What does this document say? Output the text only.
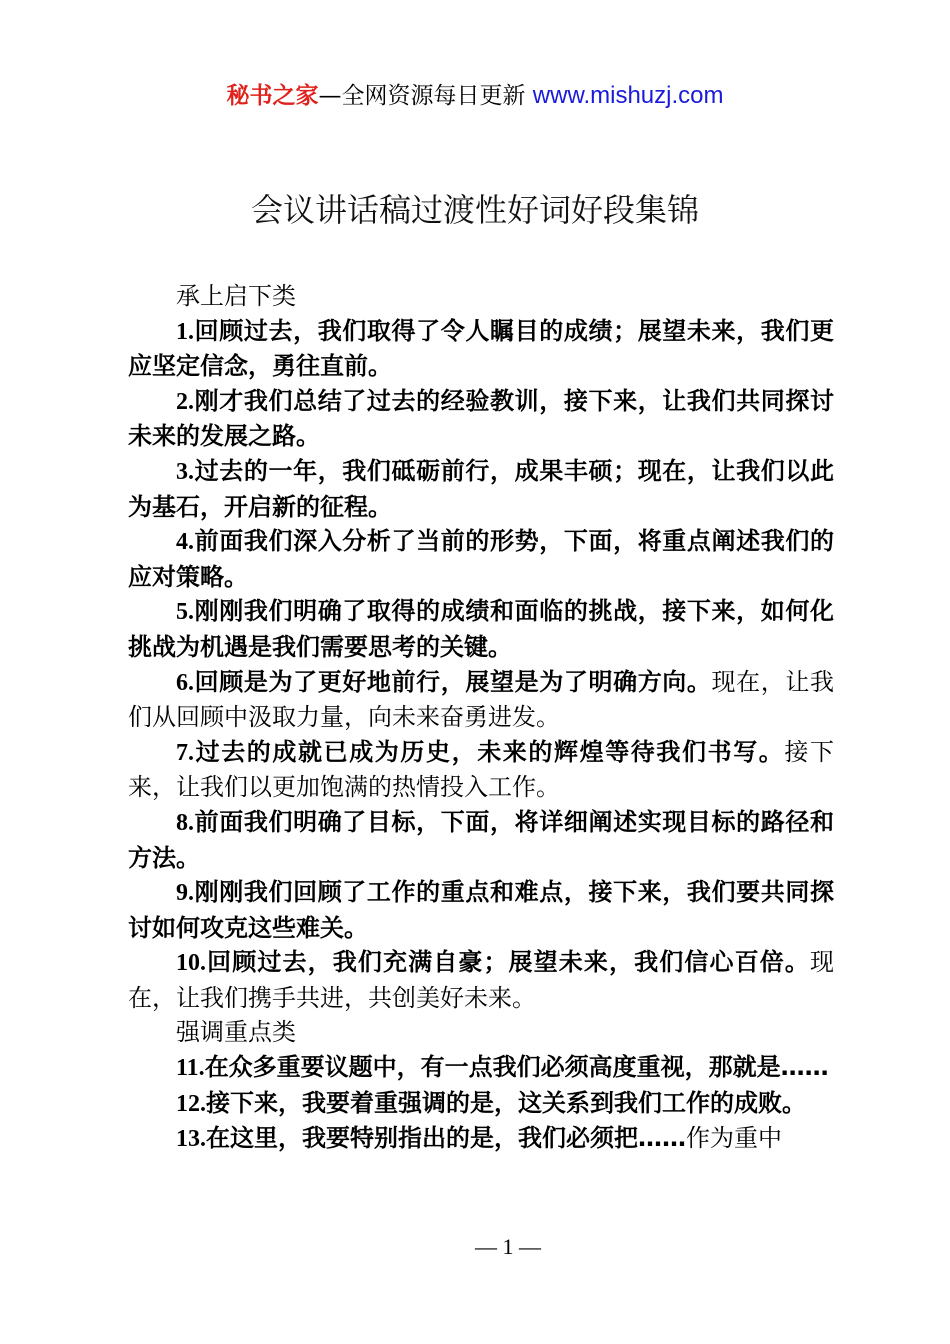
秘书之家—全网资源每日更新 www.mishuzj.com
会议讲话稿过渡性好词好段集锦

承上启下类

1.回顾过去，我们取得了令人瞩目的成绩；展望未来，我们更应坚定信念，勇往直前。

2.刚才我们总结了过去的经验教训，接下来，让我们共同探讨未来的发展之路。

3.过去的一年，我们砥砺前行，成果丰硕；现在，让我们以此为基石，开启新的征程。

4.前面我们深入分析了当前的形势，下面，将重点阐述我们的应对策略。

5.刚刚我们明确了取得的成绩和面临的挑战，接下来，如何化挑战为机遇是我们需要思考的关键。

6.回顾是为了更好地前行，展望是为了明确方向。现在，让我们从回顾中汲取力量，向未来奋勇进发。

7.过去的成就已成为历史，未来的辉煌等待我们书写。接下来，让我们以更加饱满的热情投入工作。

8.前面我们明确了目标，下面，将详细阐述实现目标的路径和方法。

9.刚刚我们回顾了工作的重点和难点，接下来，我们要共同探讨如何攻克这些难关。

10.回顾过去，我们充满自豪；展望未来，我们信心百倍。现在，让我们携手共进，共创美好未来。

强调重点类

11.在众多重要议题中，有一点我们必须高度重视，那就是……

12.接下来，我要着重强调的是，这关系到我们工作的成败。

13.在这里，我要特别指出的是，我们必须把……作为重中

— 1 —
